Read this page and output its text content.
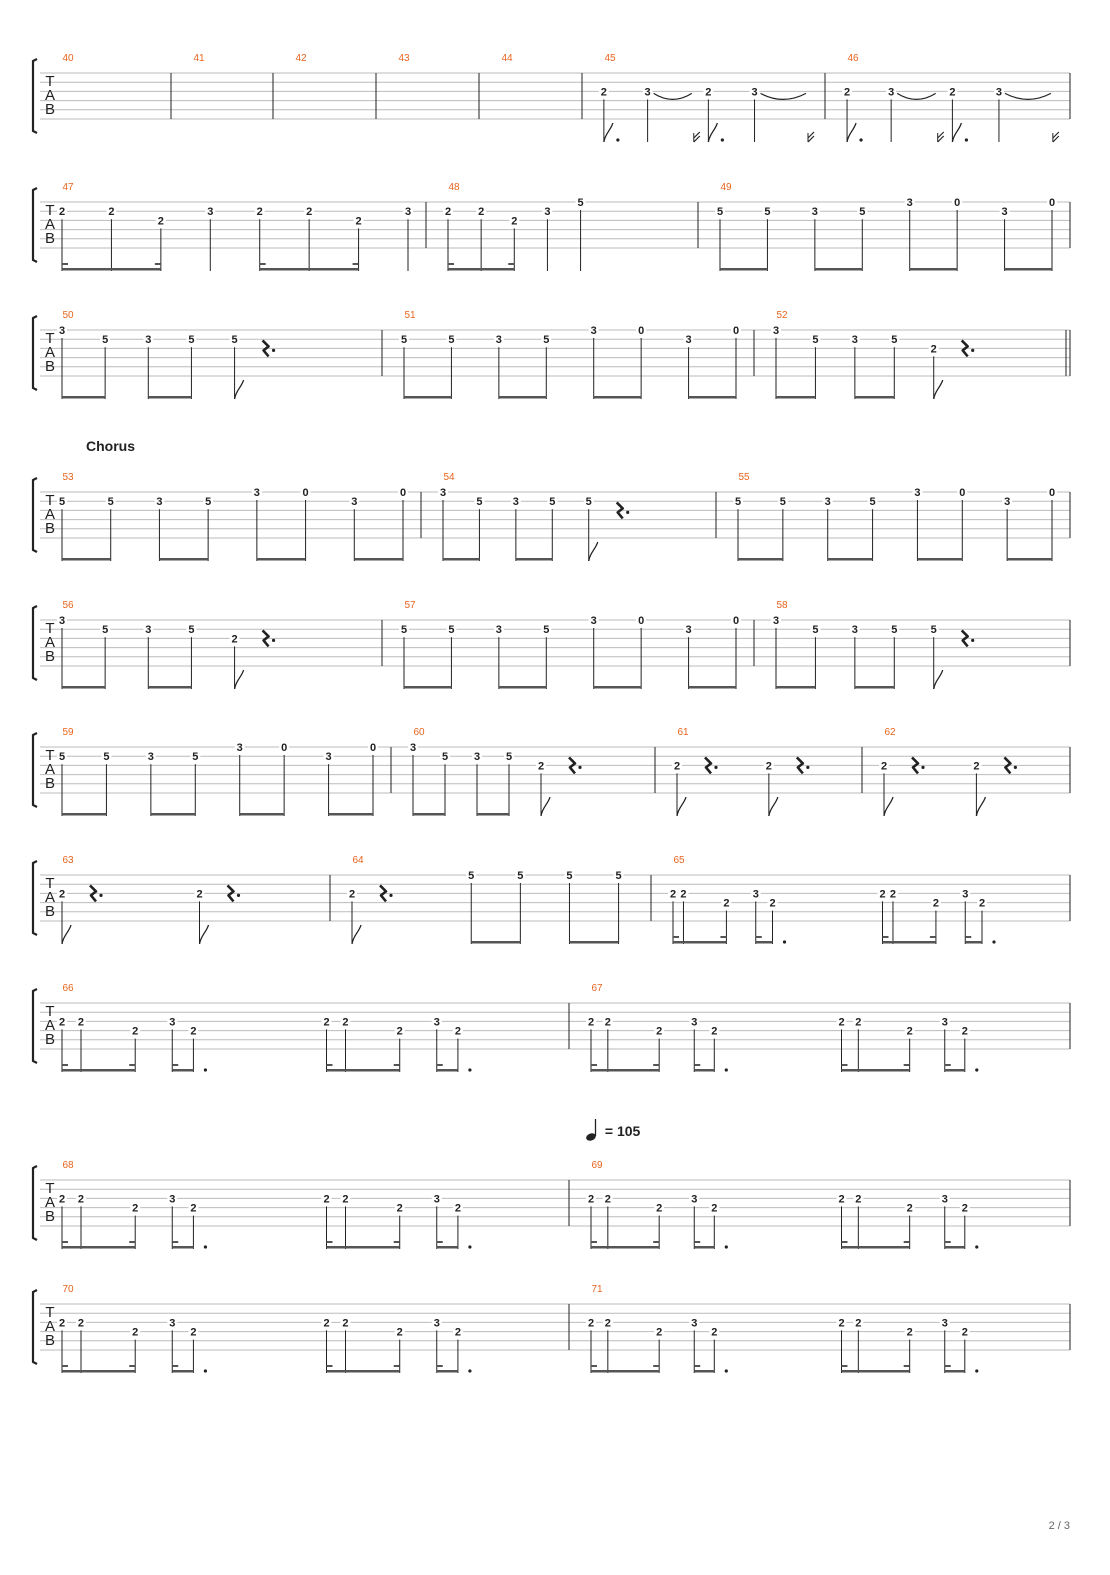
T
A
B
40	41	42	43	44	45
2	3	2	3
46
2	3	2	3
T
A
B
47
2	2
2
3	2	2
2
3
48
2 2
2
3
5
49
5	5	3	5
3	0
3
0
T
A
B
50
3
5	3	5	5
51
5	5	3	5
3	0
3
0
52
3
5	3	5
2
T
A
B
53
5	5	3	5
3	0
3
0
54
3
5	3	5	5
55
5	5	3	5
3	0
3
0
T
A
B
56
3
5	3	5
2
57
5	5	3	5
3	0
3
0
58
3
5	3	5	5
T
A
B
59
5	5	3	5
3	0
3
0
60
3
5 3 5
2
61
2	2
62
2	2
T
A
B
63
2	2
64
2
5	5	5	5
65
2 2
2
3
2
2 2
2
3
2
T
A
B
66
2 2
2
3
2
2 2
2
3
2
67
2 2
2
3
2
2 2
2
3
2
T
A
B
68
2 2
2
3
2
2 2
2
3
2
69
2 2
2
3
2
2 2
2
3
2
T
A
B
70
2 2
2
3
2
2 2
2
3
2
71
2 2
2
3
2
2 2
2
3
2
Chorus
= 105
2 / 3
